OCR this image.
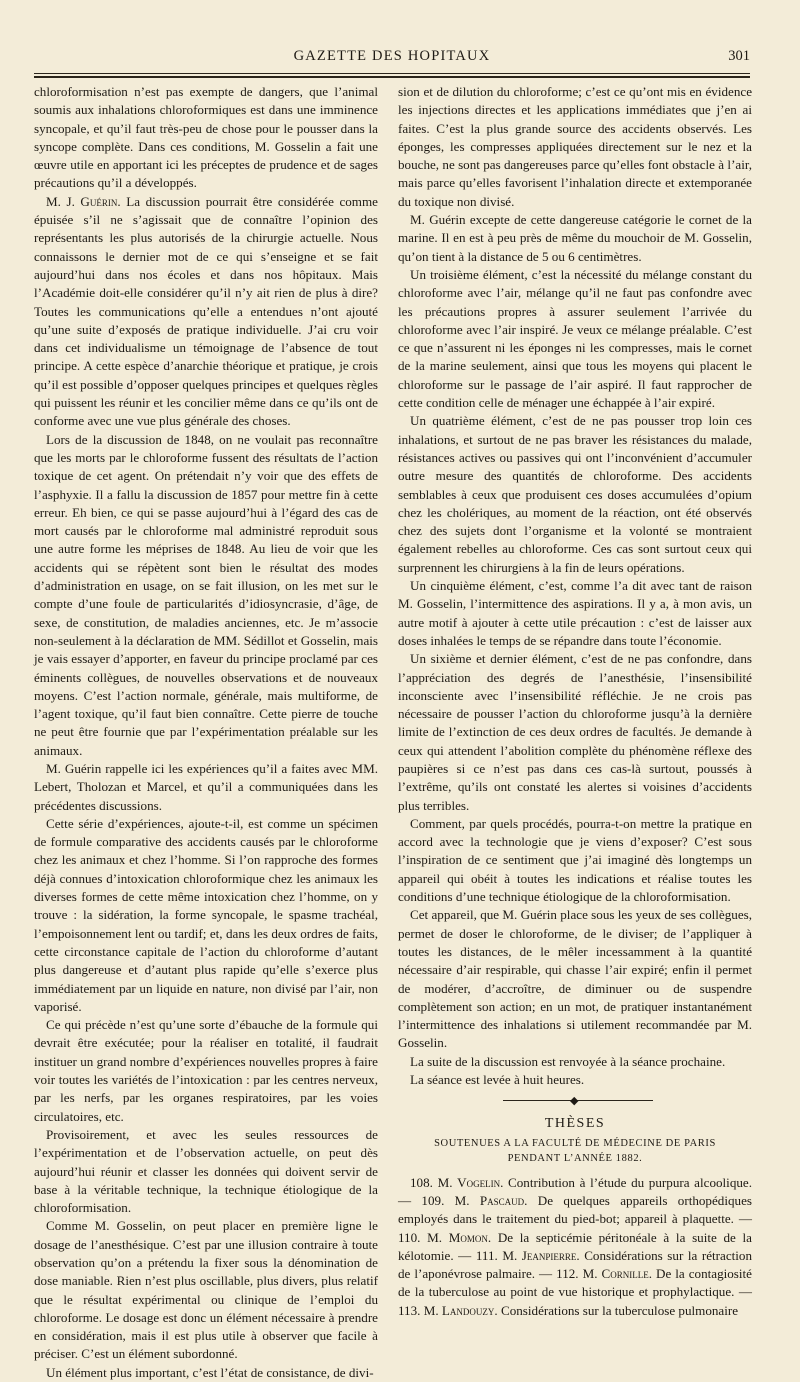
GAZETTE DES HOPITAUX	301

chloroformisation n’est pas exempte de dangers, que l’animal soumis aux inhalations chloroformiques est dans une imminence syncopale, et qu’il faut très-peu de chose pour le pousser dans la syncope complète. Dans ces conditions, M. Gosselin a fait une œuvre utile en apportant ici les préceptes de prudence et de sages précautions qu’il a développés.

M. J. Guérin. La discussion pourrait être considérée comme épuisée s’il ne s’agissait que de connaître l’opinion des représentants les plus autorisés de la chirurgie actuelle. Nous connaissons le dernier mot de ce qui s’enseigne et se fait aujourd’hui dans nos écoles et dans nos hôpitaux. Mais l’Académie doit-elle considérer qu’il n’y ait rien de plus à dire? Toutes les communications qu’elle a entendues n’ont ajouté qu’une suite d’exposés de pratique individuelle. J’ai cru voir dans cet individualisme un témoignage de l’absence de tout principe. A cette espèce d’anarchie théorique et pratique, je crois qu’il est possible d’opposer quelques principes et quelques règles qui puissent les réunir et les concilier même dans ce qu’ils ont de conforme avec une vue plus générale des choses.

Lors de la discussion de 1848, on ne voulait pas reconnaître que les morts par le chloroforme fussent des résultats de l’action toxique de cet agent. On prétendait n’y voir que des effets de l’asphyxie. Il a fallu la discussion de 1857 pour mettre fin à cette erreur. Eh bien, ce qui se passe aujourd’hui à l’égard des cas de mort causés par le chloroforme mal administré reproduit sous une autre forme les méprises de 1848. Au lieu de voir que les accidents qui se répètent sont bien le résultat des modes d’administration en usage, on se fait illusion, on les met sur le compte d’une foule de particularités d’idiosyncrasie, d’âge, de sexe, de constitution, de maladies anciennes, etc. Je m’associe non-seulement à la déclaration de MM. Sédillot et Gosselin, mais je vais essayer d’apporter, en faveur du principe proclamé par ces éminents collègues, de nouvelles observations et de nouveaux moyens. C’est l’action normale, générale, mais multiforme, de l’agent toxique, qu’il faut bien connaître. Cette pierre de touche ne peut être fournie que par l’expérimentation préalable sur les animaux.

M. Guérin rappelle ici les expériences qu’il a faites avec MM. Lebert, Tholozan et Marcel, et qu’il a communiquées dans les précédentes discussions.

Cette série d’expériences, ajoute-t-il, est comme un spécimen de formule comparative des accidents causés par le chloroforme chez les animaux et chez l’homme. Si l’on rapproche des formes déjà connues d’intoxication chloroformique chez les animaux les diverses formes de cette même intoxication chez l’homme, on y trouve : la sidération, la forme syncopale, le spasme trachéal, l’empoisonnement lent ou tardif; et, dans les deux ordres de faits, cette circonstance capitale de l’action du chloroforme d’autant plus dangereuse et d’autant plus rapide qu’elle s’exerce plus immédiatement par un liquide en nature, non divisé par l’air, non vaporisé.

Ce qui précède n’est qu’une sorte d’ébauche de la formule qui devrait être exécutée; pour la réaliser en totalité, il faudrait instituer un grand nombre d’expériences nouvelles propres à faire voir toutes les variétés de l’intoxication : par les centres nerveux, par les nerfs, par les organes respiratoires, par les voies circulatoires, etc.

Provisoirement, et avec les seules ressources de l’expérimentation et de l’observation actuelle, on peut dès aujourd’hui réunir et classer les données qui doivent servir de base à la véritable technique, la technique étiologique de la chloroformisation.

Comme M. Gosselin, on peut placer en première ligne le dosage de l’anesthésique. C’est par une illusion contraire à toute observation qu’on a prétendu la fixer sous la dénomination de dose maniable. Rien n’est plus oscillable, plus divers, plus relatif que le résultat expérimental ou clinique de l’emploi du chloroforme. Le dosage est donc un élément nécessaire à prendre en considération, mais il est plus utile à observer que facile à préciser. C’est un élément subordonné.

Un élément plus important, c’est l’état de consistance, de divi-

sion et de dilution du chloroforme; c’est ce qu’ont mis en évidence les injections directes et les applications immédiates que j’en ai faites. C’est la plus grande source des accidents observés. Les éponges, les compresses appliquées directement sur le nez et la bouche, ne sont pas dangereuses parce qu’elles font obstacle à l’air, mais parce qu’elles favorisent l’inhalation directe et extemporanée du toxique non divisé.

M. Guérin excepte de cette dangereuse catégorie le cornet de la marine. Il en est à peu près de même du mouchoir de M. Gosselin, qu’on tient à la distance de 5 ou 6 centimètres.

Un troisième élément, c’est la nécessité du mélange constant du chloroforme avec l’air, mélange qu’il ne faut pas confondre avec les précautions propres à assurer seulement l’arrivée du chloroforme avec l’air inspiré. Je veux ce mélange préalable. C’est ce que n’assurent ni les éponges ni les compresses, mais le cornet de la marine seulement, ainsi que tous les moyens qui placent le chloroforme sur le passage de l’air aspiré. Il faut rapprocher de cette condition celle de ménager une échappée à l’air expiré.

Un quatrième élément, c’est de ne pas pousser trop loin ces inhalations, et surtout de ne pas braver les résistances du malade, résistances actives ou passives qui ont l’inconvénient d’accumuler outre mesure des quantités de chloroforme. Des accidents semblables à ceux que produisent ces doses accumulées d’opium chez les cholériques, au moment de la réaction, ont été observés chez des sujets dont l’organisme et la volonté se montraient également rebelles au chloroforme. Ces cas sont surtout ceux qui surprennent les chirurgiens à la fin de leurs opérations.

Un cinquième élément, c’est, comme l’a dit avec tant de raison M. Gosselin, l’intermittence des aspirations. Il y a, à mon avis, un autre motif à ajouter à cette utile précaution : c’est de laisser aux doses inhalées le temps de se répandre dans toute l’économie.

Un sixième et dernier élément, c’est de ne pas confondre, dans l’appréciation des degrés de l’anesthésie, l’insensibilité inconsciente avec l’insensibilité réfléchie. Je ne crois pas nécessaire de pousser l’action du chloroforme jusqu’à la dernière limite de l’extinction de ces deux ordres de facultés. Je demande à ceux qui attendent l’abolition complète du phénomène réflexe des paupières si ce n’est pas dans ces cas-là surtout, poussés à l’extrême, qu’ils ont constaté les alertes si voisines d’accidents plus terribles.

Comment, par quels procédés, pourra-t-on mettre la pratique en accord avec la technologie que je viens d’exposer? C’est sous l’inspiration de ce sentiment que j’ai imaginé dès longtemps un appareil qui obéit à toutes les indications et réalise toutes les conditions d’une technique étiologique de la chloroformisation.

Cet appareil, que M. Guérin place sous les yeux de ses collègues, permet de doser le chloroforme, de le diviser; de l’appliquer à toutes les distances, de le mêler incessamment à la quantité nécessaire d’air respirable, qui chasse l’air expiré; enfin il permet de modérer, d’accroître, de diminuer ou de suspendre complètement son action; en un mot, de pratiquer instantanément l’intermittence des inhalations si utilement recommandée par M. Gosselin.

La suite de la discussion est renvoyée à la séance prochaine.

La séance est levée à huit heures.

◆
THÈSES
SOUTENUES A LA FACULTÉ DE MÉDECINE DE PARIS
PENDANT L’ANNÉE 1882.

108. M. Vogelin. Contribution à l’étude du purpura alcoolique. — 109. M. Pascaud. De quelques appareils orthopédiques employés dans le traitement du pied-bot; appareil à plaquette. — 110. M. Momon. De la septicémie péritonéale à la suite de la kélotomie. — 111. M. Jeanpierre. Considérations sur la rétraction de l’aponévrose palmaire. — 112. M. Cornille. De la contagiosité de la tuberculose au point de vue historique et prophylactique. — 113. M. Landouzy. Considérations sur la tuberculose pulmonaire
